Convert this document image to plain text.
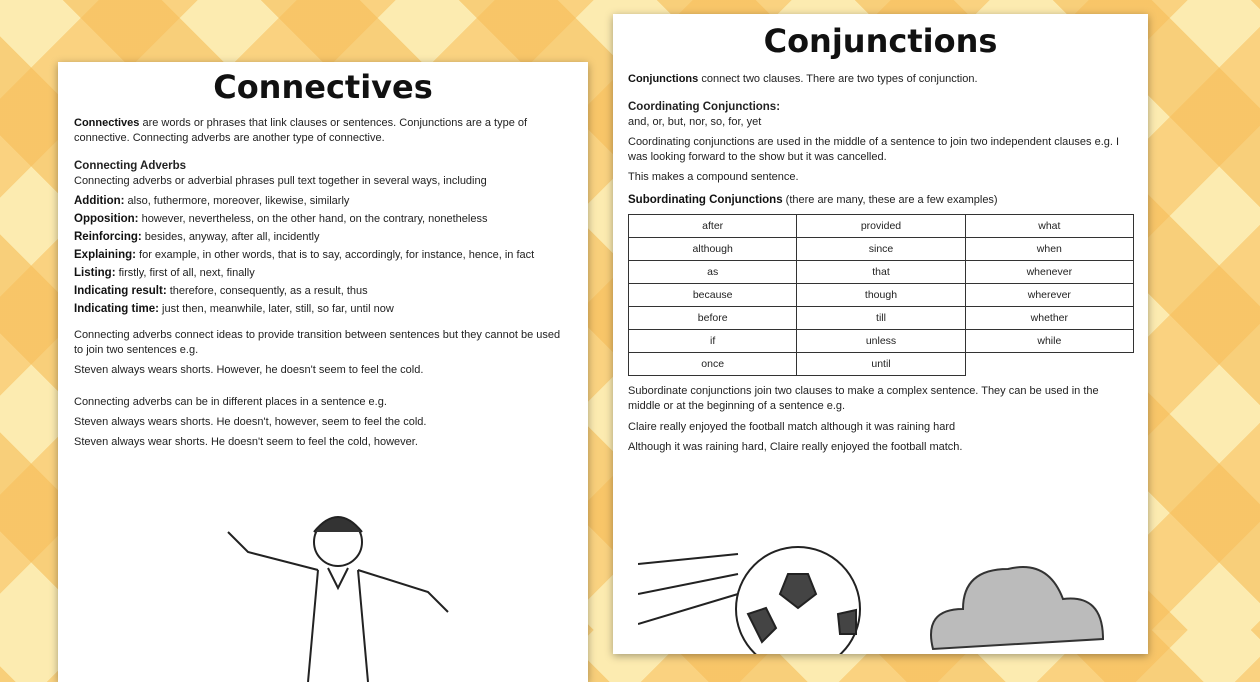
Connectives

Connectives are words or phrases that link clauses or sentences. Conjunctions are a type of connective. Connecting adverbs are another type of connective.

Connecting Adverbs

Connecting adverbs or adverbial phrases pull text together in several ways, including

Addition: also, futhermore, moreover, likewise, similarly

Opposition: however, nevertheless, on the other hand, on the contrary, nonetheless

Reinforcing: besides, anyway, after all, incidently

Explaining: for example, in other words, that is to say, accordingly, for instance, hence, in fact

Listing: firstly, first of all, next, finally

Indicating result: therefore, consequently, as a result, thus

Indicating time: just then, meanwhile, later, still, so far, until now

Connecting adverbs connect ideas to provide transition between sentences but they cannot be used to join two sentences e.g.

Steven always wears shorts. However, he doesn't seem to feel the cold.

Connecting adverbs can be in different places in a sentence e.g.

Steven always wears shorts. He doesn't, however, seem to feel the cold.

Steven always wear shorts. He doesn't seem to feel the cold, however.

Conjunctions

Conjunctions connect two clauses. There are two types of conjunction.

Coordinating Conjunctions:

and, or, but, nor, so, for, yet

Coordinating conjunctions are used in the middle of a sentence to join two independent clauses e.g. I was looking forward to the show but it was cancelled.

This makes a compound sentence.

Subordinating Conjunctions (there are many, these are a few examples)

after	provided	what
although	since	when
as	that	whenever
because	though	wherever
before	till	whether
if	unless	while
once	until	

Subordinate conjunctions join two clauses to make a complex sentence. They can be used in the middle or at the beginning of a sentence e.g.

Claire really enjoyed the football match although it was raining hard

Although it was raining hard, Claire really enjoyed the football match.
